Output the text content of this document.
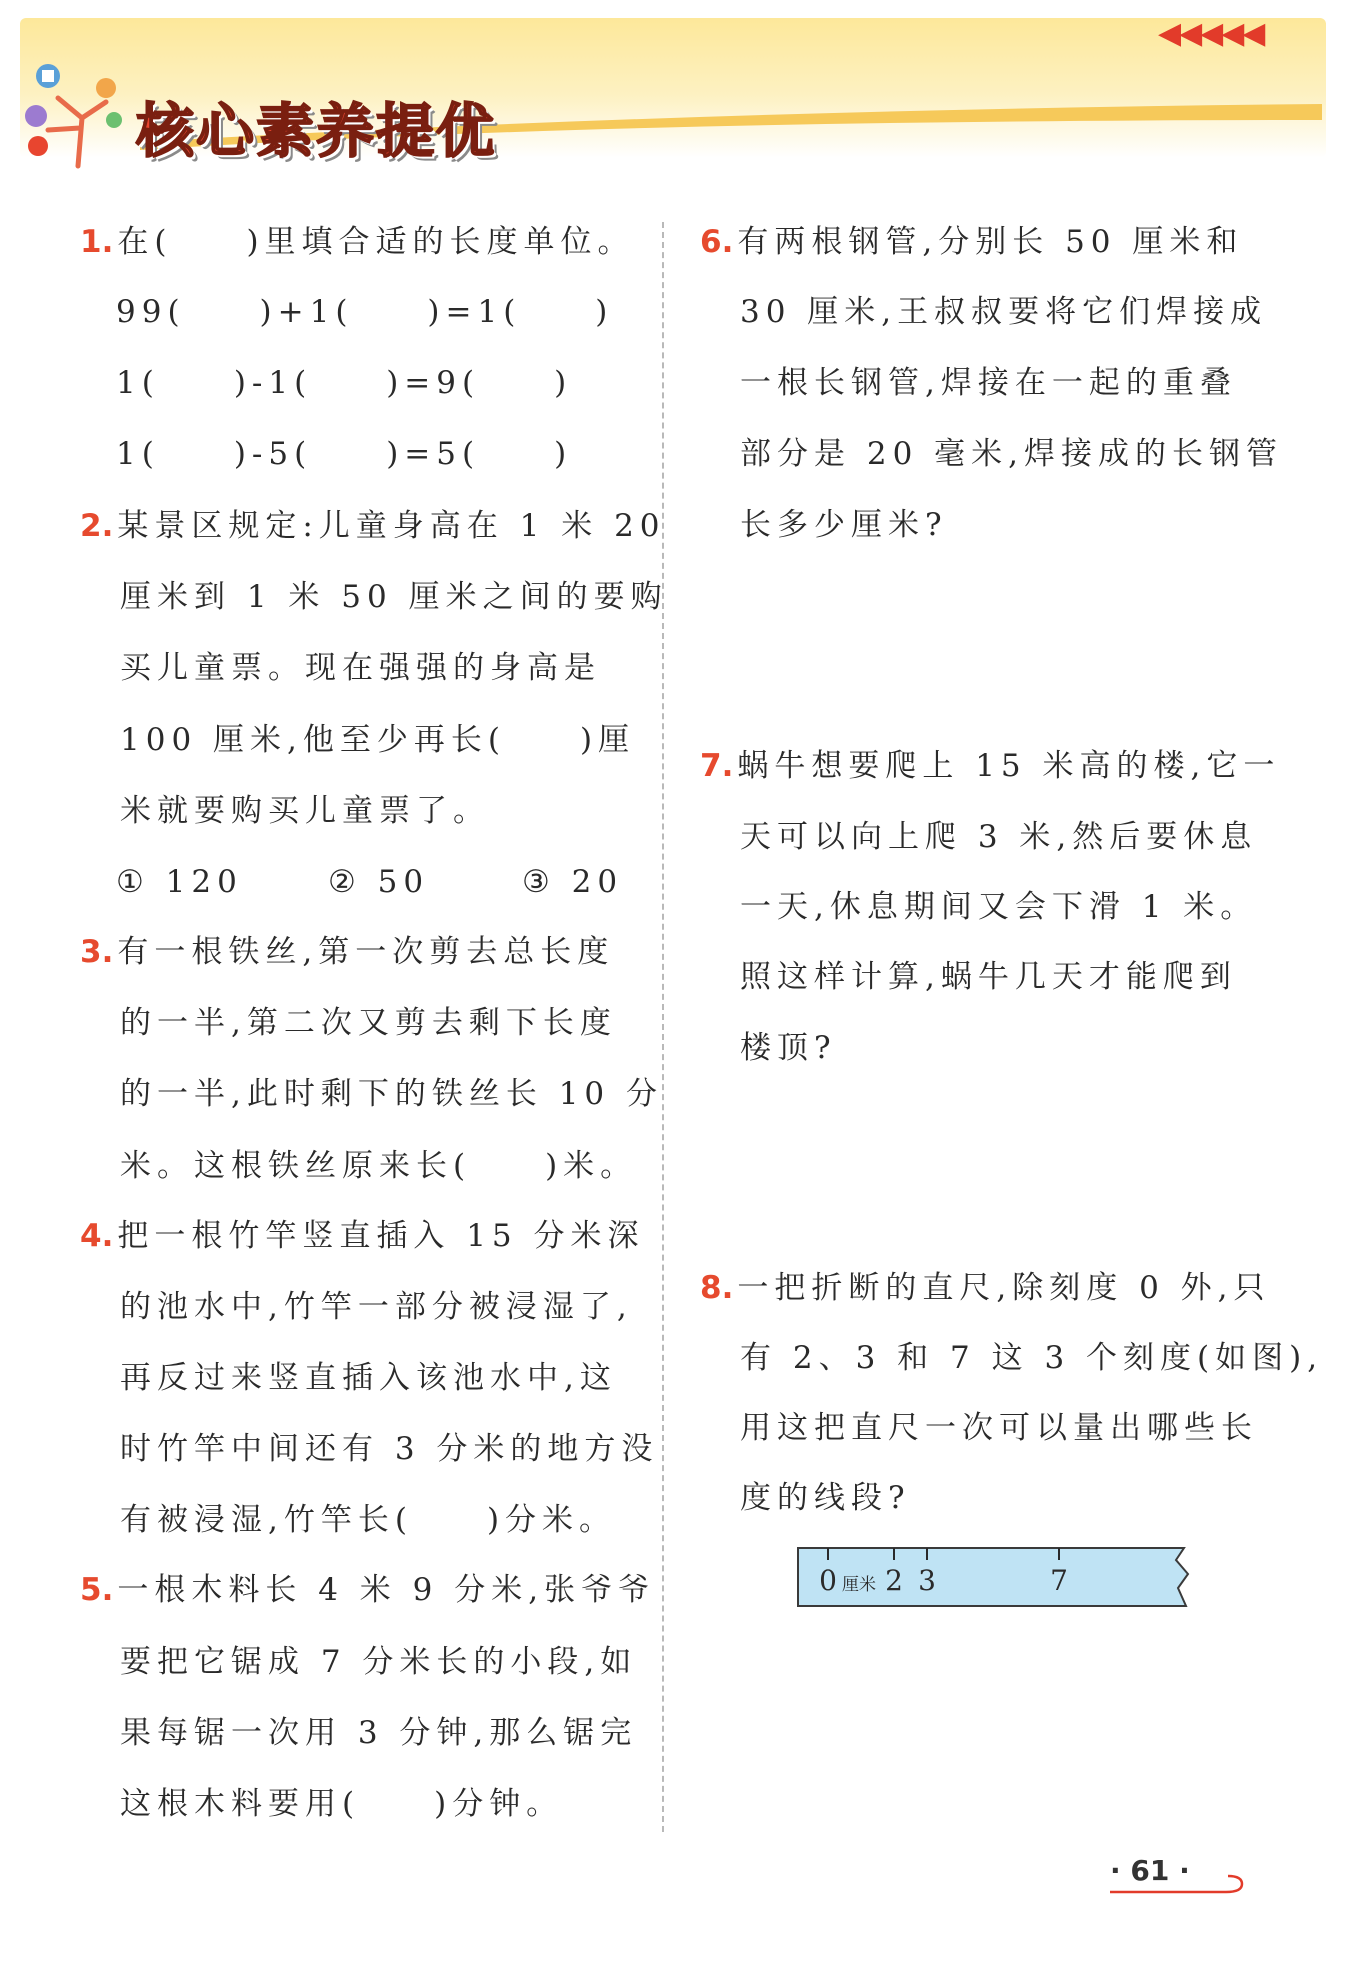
◀◀◀◀◀
核心素养提优
1. 在(　　)里填合适的长度单位。
99(　　)+1(　　)=1(　　)
1(　　)-1(　　)=9(　　)
1(　　)-5(　　)=5(　　)
2. 某景区规定:儿童身高在 1 米 20
厘米到 1 米 50 厘米之间的要购
买儿童票。现在强强的身高是
100 厘米,他至少再长(　　)厘
米就要购买儿童票了。
① 120	② 50	③ 20
3. 有一根铁丝,第一次剪去总长度
的一半,第二次又剪去剩下长度
的一半,此时剩下的铁丝长 10 分
米。这根铁丝原来长(　　)米。
4. 把一根竹竿竖直插入 15 分米深
的池水中,竹竿一部分被浸湿了,
再反过来竖直插入该池水中,这
时竹竿中间还有 3 分米的地方没
有被浸湿,竹竿长(　　)分米。
5. 一根木料长 4 米 9 分米,张爷爷
要把它锯成 7 分米长的小段,如
果每锯一次用 3 分钟,那么锯完
这根木料要用(　　)分钟。
6. 有两根钢管,分别长 50 厘米和
30 厘米,王叔叔要将它们焊接成
一根长钢管,焊接在一起的重叠
部分是 20 毫米,焊接成的长钢管
长多少厘米?
7. 蜗牛想要爬上 15 米高的楼,它一
天可以向上爬 3 米,然后要休息
一天,休息期间又会下滑 1 米。
照这样计算,蜗牛几天才能爬到
楼顶?
8. 一把折断的直尺,除刻度 0 外,只
有 2、3 和 7 这 3 个刻度(如图),
用这把直尺一次可以量出哪些长
度的线段?
0 2 3	7
厘米
· 61 ·
